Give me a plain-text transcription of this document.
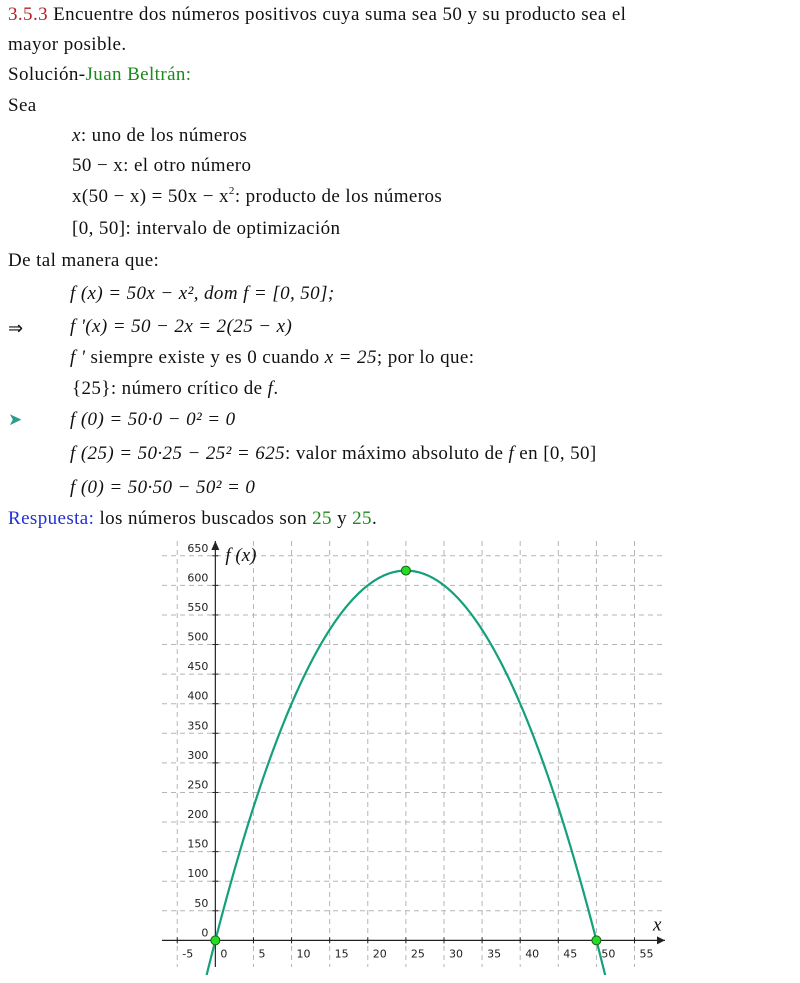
3.5.3 Encuentre dos números positivos cuya suma sea 50 y su producto sea el
mayor posible.
Solución-Juan Beltrán:
Sea
x: uno de los números
50 − x: el otro número
$x(50 - x) = 50x - x^2$: producto de los números
[0, 50]: intervalo de optimización
De tal manera que:
f (x) = 50x − x², dom f = [0, 50];
⇒ f '(x) = 50 − 2x = 2(25 − x)
f ' siempre existe y es 0 cuando x = 25; por lo que:
{25}: número crítico de f.
➤ f (0) = 50·0 − 0² = 0
f (25) = 50·25 − 25² = 625: valor máximo absoluto de f en [0, 50]
f (0) = 50·50 − 50² = 0
Respuesta: los números buscados son 25 y 25.
-5 0	5	10 15 20 25 30 35 40 45 50 55
0
50
100
150
200
250
300
350
400
450
500
550
600
650
x
f (x)
